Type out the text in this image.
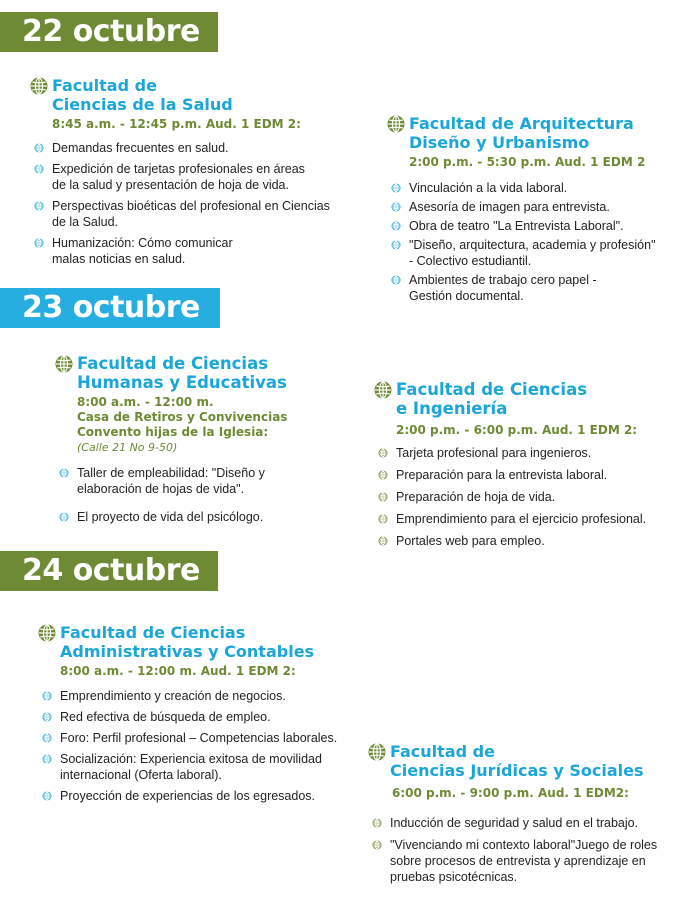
22 octubre
23 octubre
24 octubre
Facultad de
Ciencias de la Salud
8:45 a.m. - 12:45 p.m. Aud. 1 EDM 2:
Demandas frecuentes en salud.
Expedición de tarjetas profesionales en áreas
de la salud y presentación de hoja de vida.
Perspectivas bioéticas del profesional en Ciencias
de la Salud.
Humanización: Cómo comunicar
malas noticias en salud.
Facultad de Arquitectura
Diseño y Urbanismo
2:00 p.m. - 5:30 p.m. Aud. 1 EDM 2
Vinculación a la vida laboral.
Asesoría de imagen para entrevista.
Obra de teatro "La Entrevista Laboral".
"Diseño, arquitectura, academia y profesión"
- Colectivo estudiantil.
Ambientes de trabajo cero papel -
Gestión documental.
Facultad de Ciencias
Humanas y Educativas
8:00 a.m. - 12:00 m.
Casa de Retiros y Convivencias
Convento hijas de la Iglesia:
(Calle 21 No 9-50)
Taller de empleabilidad: "Diseño y
elaboración de hojas de vida".
El proyecto de vida del psicólogo.
Facultad de Ciencias
e Ingeniería
2:00 p.m. - 6:00 p.m. Aud. 1 EDM 2:
Tarjeta profesional para ingenieros.
Preparación para la entrevista laboral.
Preparación de hoja de vida.
Emprendimiento para el ejercicio profesional.
Portales web para empleo.
Facultad de Ciencias
Administrativas y Contables
8:00 a.m. - 12:00 m. Aud. 1 EDM 2:
Emprendimiento y creación de negocios.
Red efectiva de búsqueda de empleo.
Foro: Perfil profesional – Competencias laborales.
Socialización: Experiencia exitosa de movilidad
internacional (Oferta laboral).
Proyección de experiencias de los egresados.
Facultad de
Ciencias Jurídicas y Sociales
6:00 p.m. - 9:00 p.m. Aud. 1 EDM2:
Inducción de seguridad y salud en el trabajo.
"Vivenciando mi contexto laboral"Juego de roles
sobre procesos de entrevista y aprendizaje en
pruebas psicotécnicas.
